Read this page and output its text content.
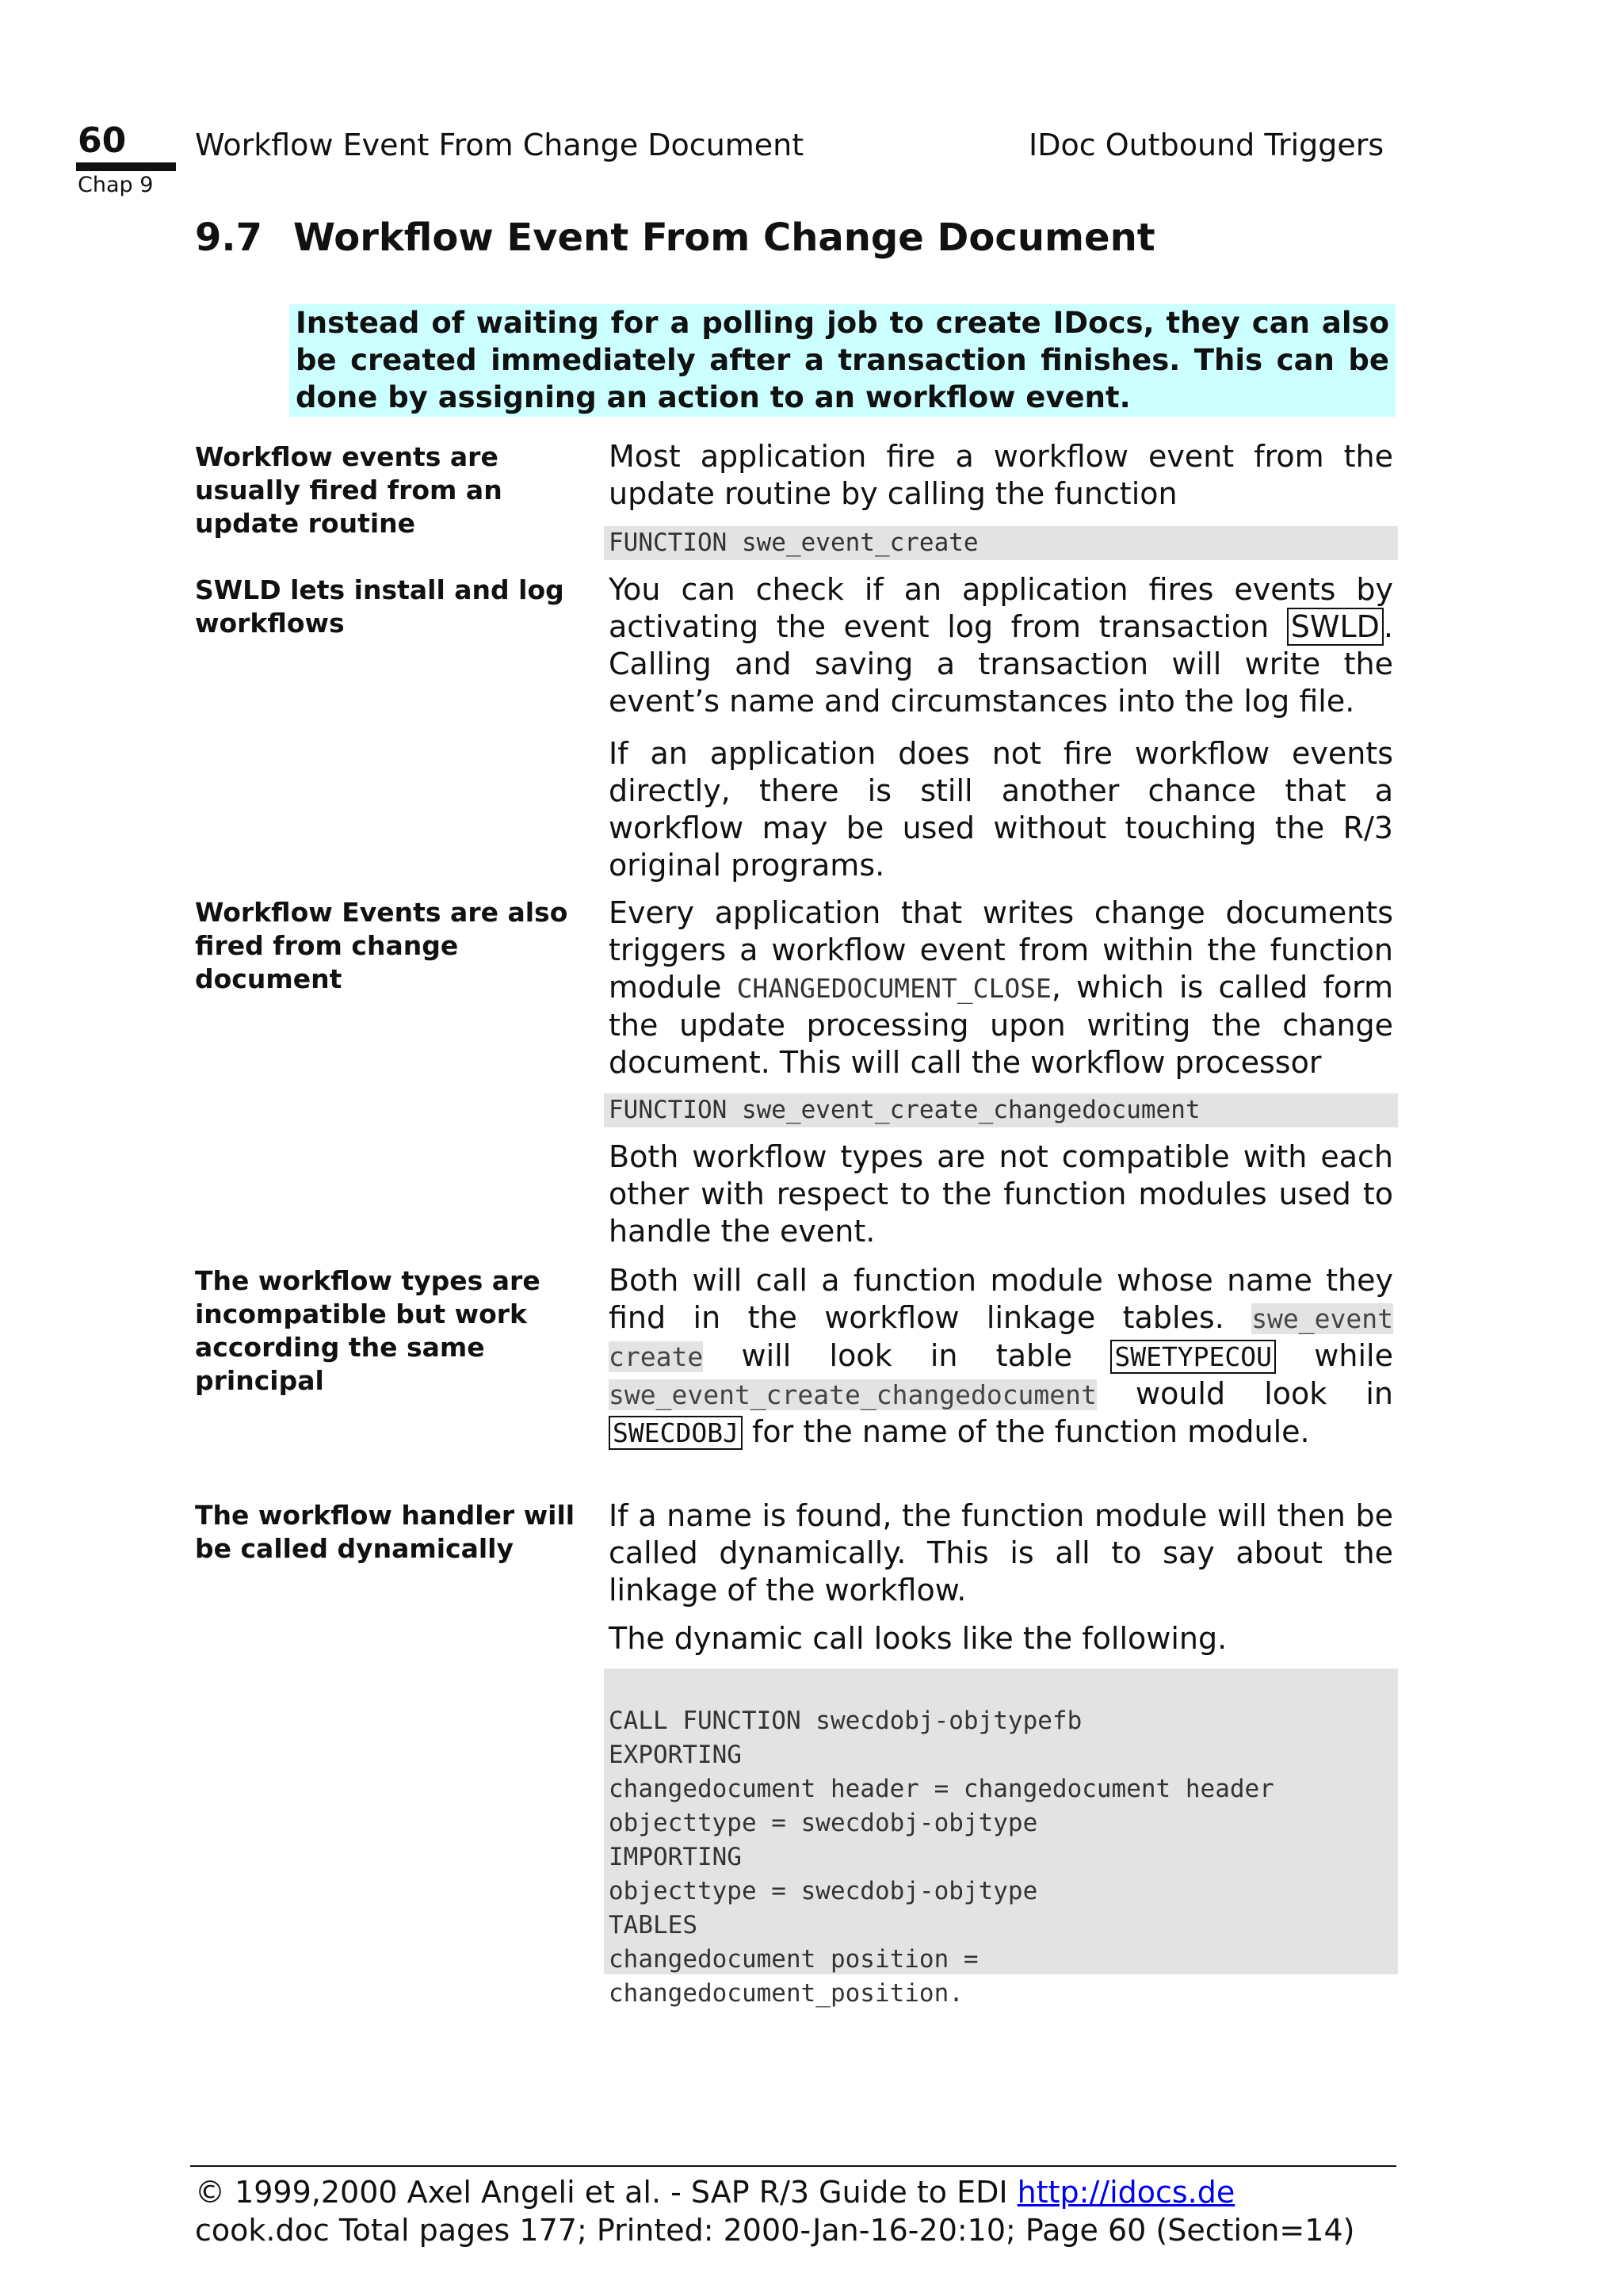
60
Chap 9
Workflow Event From Change Document	IDoc Outbound Triggers
9.7 Workflow Event From Change Document
Instead of waiting for a polling job to create IDocs, they can also be created immediately after a transaction finishes. This can be done by assigning an action to an workflow event.
Workflow events are usually fired from an update routine
SWLD lets install and log workflows
Workflow Events are also fired from change document
The workflow types are incompatible but work according the same principal
The workflow handler will be called dynamically
Most application fire a workflow event from the update routine by calling the function
FUNCTION swe_event_create
You can check if an application fires events by activating the event log from transaction SWLD . Calling and saving a transaction will write the event’s name and circumstances into the log file.
If an application does not fire workflow events directly, there is still another chance that a workflow may be used without touching the R/3 original programs.
Every application that writes change documents triggers a workflow event from within the function module CHANGEDOCUMENT_CLOSE, which is called form the update processing upon writing the change document. This will call the workflow processor
FUNCTION swe_event_create_changedocument
Both workflow types are not compatible with each other with respect to the function modules used to handle the event.
Both will call a function module whose name they find in the workflow linkage tables. swe_event create will look in table SWETYPECOU while swe_event_create_changedocument would look in SWECDOBJ for the name of the function module.
If a name is found, the function module will then be called dynamically. This is all to say about the linkage of the workflow.
The dynamic call looks like the following.

CALL FUNCTION swecdobj-objtypefb
EXPORTING
changedocument header = changedocument header
objecttype = swecdobj-objtype
IMPORTING
objecttype = swecdobj-objtype
TABLES
changedocument position =
changedocument_position.

© 1999,2000 Axel Angeli et al. - SAP R/3 Guide to EDI http://idocs.de
cook.doc Total pages 177; Printed: 2000-Jan-16-20:10; Page 60 (Section=14)
